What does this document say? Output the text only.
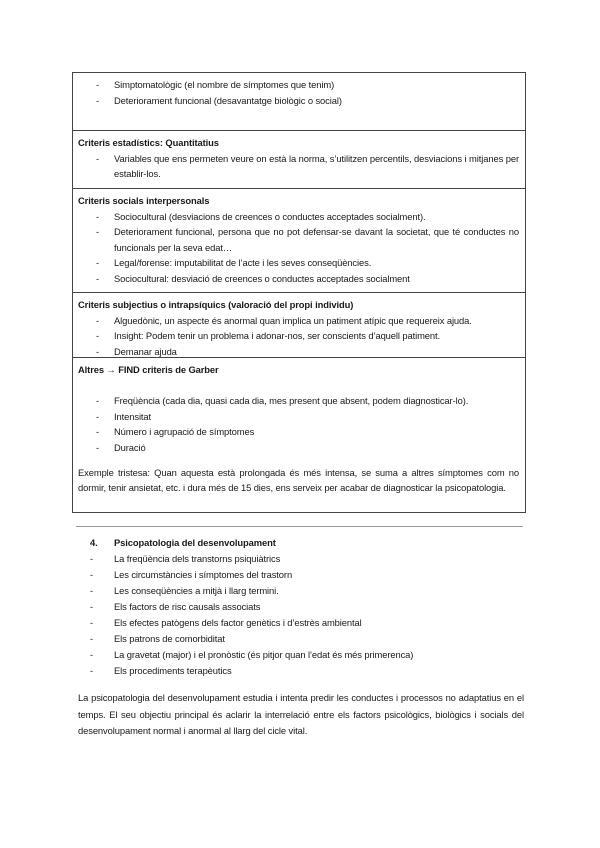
- Simptomatològic (el nombre de símptomes que tenim)
- Deteriorament funcional (desavantatge biològic o social)
Criteris estadístics: Quantitatius
- Variables que ens permeten veure on està la norma, s’utilitzen percentils, desviacions i mitjanes per establir-los.
Criteris socials interpersonals
- Sociocultural (desviacions de creences o conductes acceptades socialment).
- Deteriorament funcional, persona que no pot defensar-se davant la societat, que té conductes no funcionals per la seva edat…
- Legal/forense: imputabilitat de l’acte i les seves conseqüències.
- Sociocultural: desviació de creences o conductes acceptades socialment
Criteris subjectius o intrapsíquics (valoració del propi individu)
- Alguedònic, un aspecte és anormal quan implica un patiment atípic que requereix ajuda.
- Insight: Podem tenir un problema i adonar-nos, ser conscients d’aquell patiment.
- Demanar ajuda
Altres → FIND criteris de Garber
- Freqüència (cada dia, quasi cada dia, mes present que absent, podem diagnosticar-lo).
- Intensitat
- Número i agrupació de símptomes
- Duració

Exemple tristesa: Quan aquesta està prolongada és més intensa, se suma a altres símptomes com no dormir, tenir ansietat, etc. i dura més de 15 dies, ens serveix per acabar de diagnosticar la psicopatologia.

4. Psicopatologia del desenvolupament
- La freqüència dels transtorns psiquiàtrics
- Les circumstàncies i símptomes del trastorn
- Les conseqüències a mitjà i llarg termini.
- Els factors de risc causals associats
- Els efectes patògens dels factor genètics i d’estrès ambiental
- Els patrons de comorbiditat
- La gravetat (major) i el pronòstic (és pitjor quan l’edat és més primerenca)
- Els procediments terapèutics

La psicopatologia del desenvolupament estudia i intenta predir les conductes i processos no adaptatius en el temps. El seu objectiu principal és aclarir la interrelació entre els factors psicològics, biològics i socials del desenvolupament normal i anormal al llarg del cicle vital.
